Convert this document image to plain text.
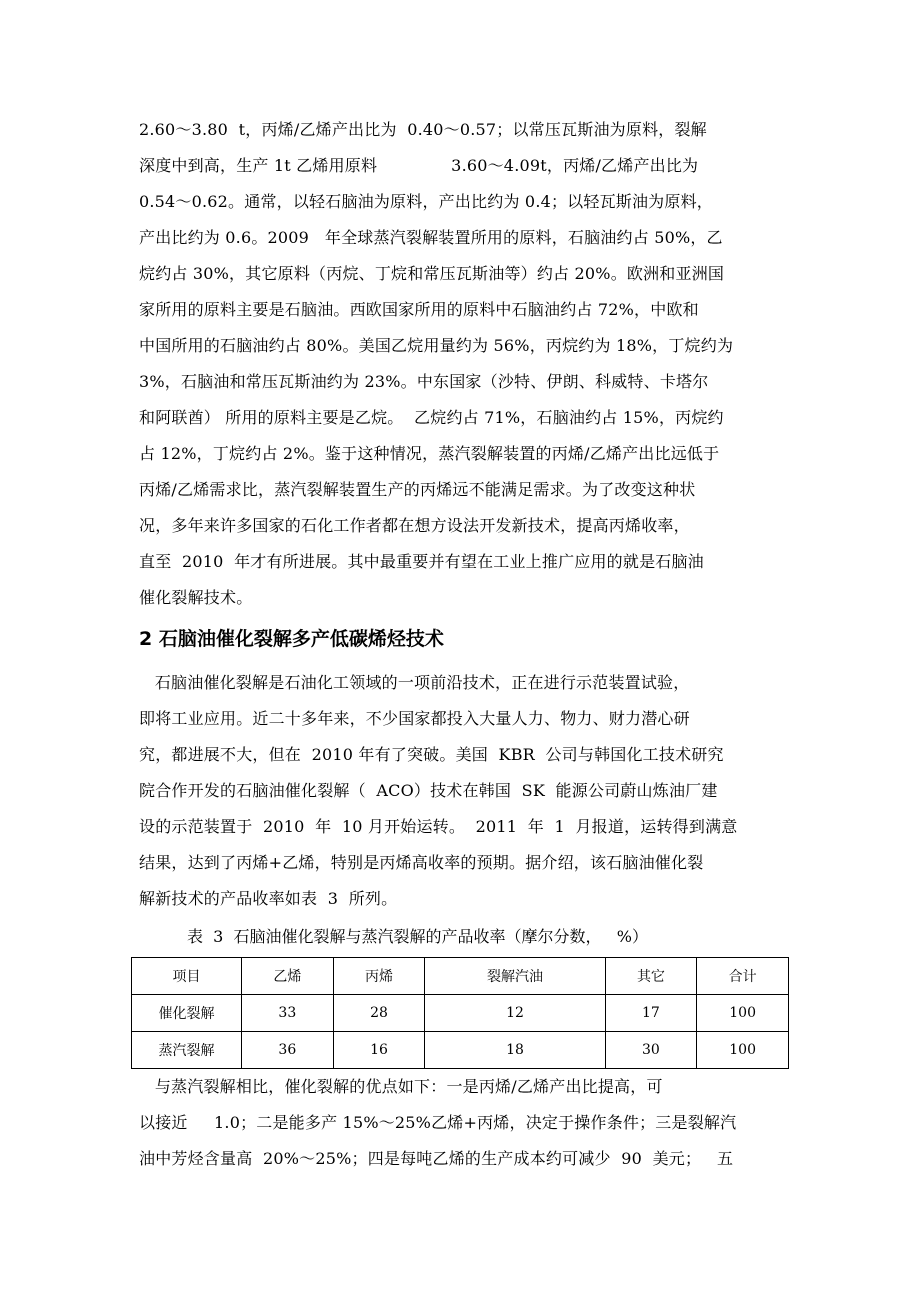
2.60～3.80  t，丙烯/乙烯产出比为  0.40～0.57；以常压瓦斯油为原料，裂解
深度中到高，生产 1t 乙烯用原料              3.60～4.09t，丙烯/乙烯产出比为
0.54～0.62。通常，以轻石脑油为原料，产出比约为 0.4；以轻瓦斯油为原料，
产出比约为 0.6。2009   年全球蒸汽裂解装置所用的原料，石脑油约占 50%，乙
烷约占 30%，其它原料（丙烷、丁烷和常压瓦斯油等）约占 20%。欧洲和亚洲国
家所用的原料主要是石脑油。西欧国家所用的原料中石脑油约占 72%，中欧和
中国所用的石脑油约占 80%。美国乙烷用量约为 56%，丙烷约为 18%，丁烷约为
3%，石脑油和常压瓦斯油约为 23%。中东国家（沙特、伊朗、科威特、卡塔尔
和阿联酋） 所用的原料主要是乙烷。  乙烷约占 71%，石脑油约占 15%，丙烷约
占 12%，丁烷约占 2%。鉴于这种情况，蒸汽裂解装置的丙烯/乙烯产出比远低于
丙烯/乙烯需求比，蒸汽裂解装置生产的丙烯远不能满足需求。为了改变这种状
况，多年来许多国家的石化工作者都在想方设法开发新技术，提高丙烯收率，
直至  2010  年才有所进展。其中最重要并有望在工业上推广应用的就是石脑油
催化裂解技术。
2 石脑油催化裂解多产低碳烯烃技术
石脑油催化裂解是石油化工领域的一项前沿技术，正在进行示范装置试验，
即将工业应用。近二十多年来，不少国家都投入大量人力、物力、财力潜心研
究，都进展不大，但在  2010 年有了突破。美国  KBR  公司与韩国化工技术研究
院合作开发的石脑油催化裂解（  ACO）技术在韩国  SK  能源公司蔚山炼油厂建
设的示范装置于  2010  年  10 月开始运转。  2011  年  1  月报道，运转得到满意
结果，达到了丙烯+乙烯，特别是丙烯高收率的预期。据介绍，该石脑油催化裂
解新技术的产品收率如表  3  所列。
表  3  石脑油催化裂解与蒸汽裂解的产品收率（摩尔分数，   %）
项目	乙烯	丙烯	裂解汽油	其它	合计
催化裂解	33	28	12	17	100
蒸汽裂解	36	16	18	30	100
与蒸汽裂解相比，催化裂解的优点如下：一是丙烯/乙烯产出比提高，可
以接近     1.0；二是能多产 15%～25%乙烯+丙烯，决定于操作条件；三是裂解汽
油中芳烃含量高  20%～25%；四是每吨乙烯的生产成本约可减少  90  美元；   五
